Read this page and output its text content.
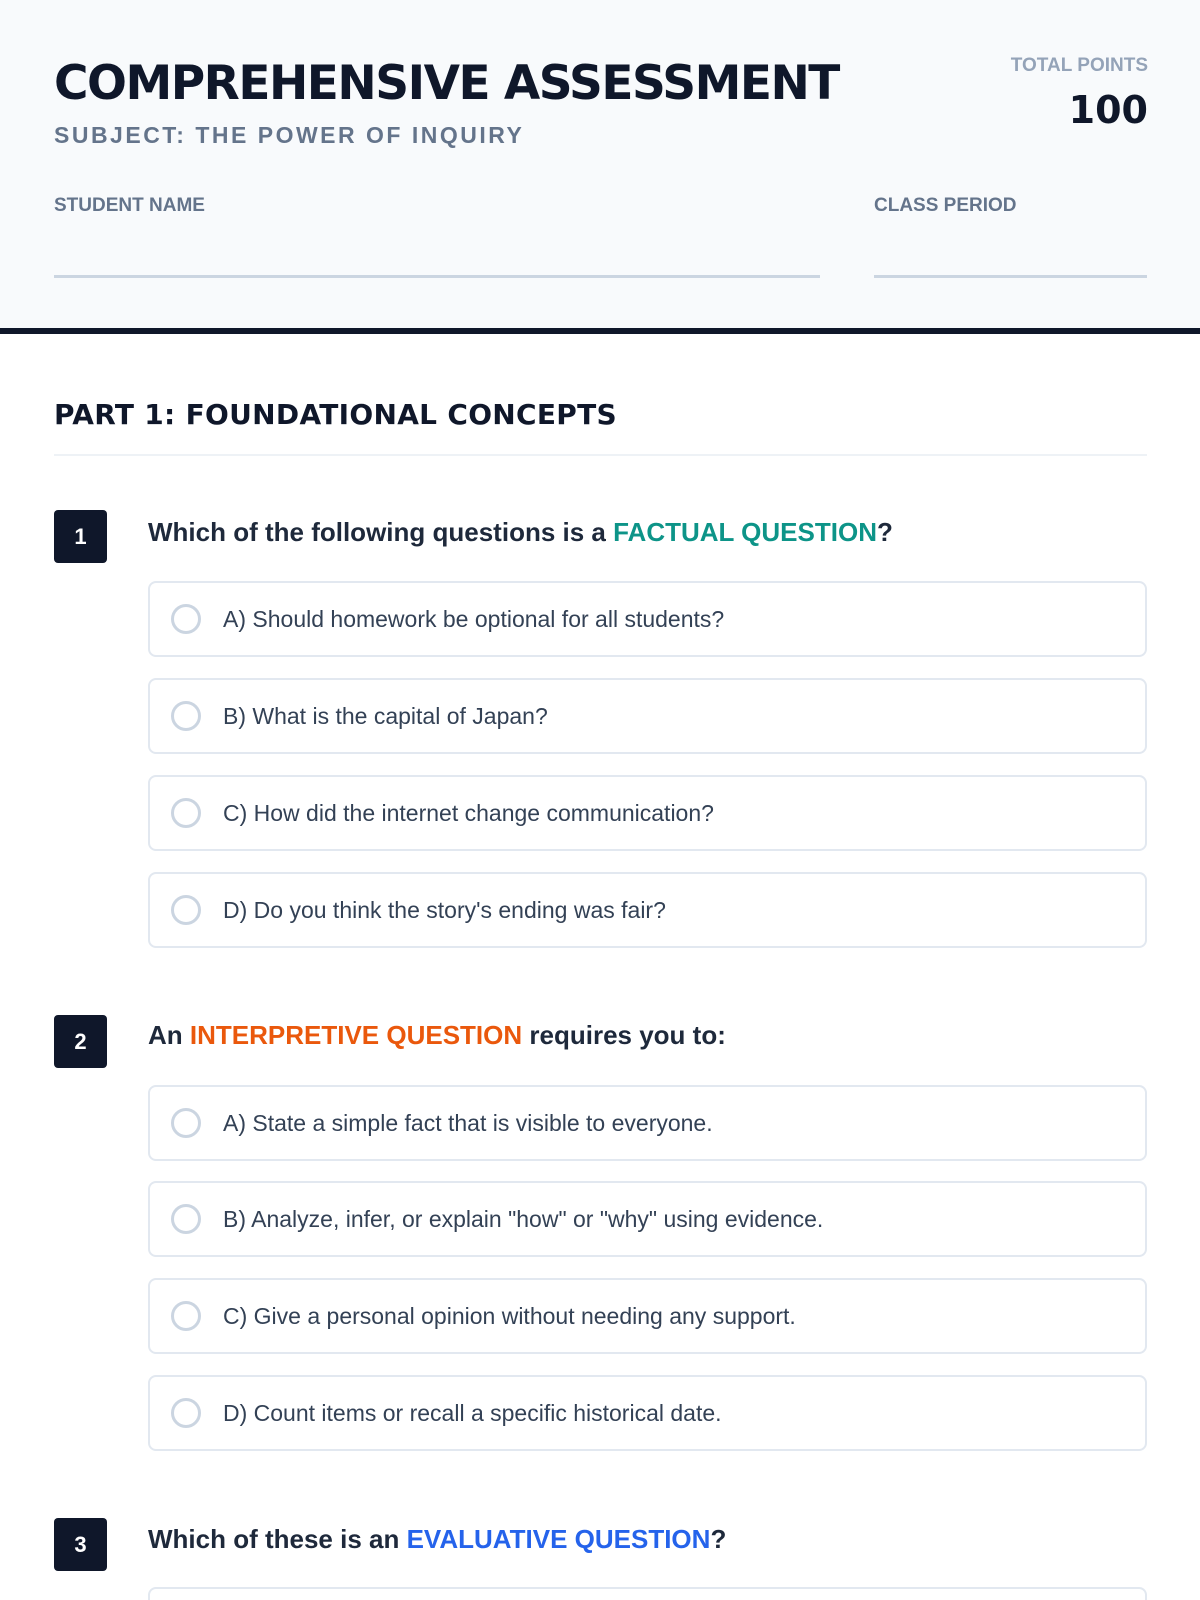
COMPREHENSIVE ASSESSMENT
SUBJECT: THE POWER OF INQUIRY
TOTAL POINTS
100
STUDENT NAME	CLASS PERIOD
PART 1: FOUNDATIONAL CONCEPTS
1	Which of the following questions is a FACTUAL QUESTION?
A) Should homework be optional for all students?
B) What is the capital of Japan?
C) How did the internet change communication?
D) Do you think the story's ending was fair?
2	An INTERPRETIVE QUESTION requires you to:
A) State a simple fact that is visible to everyone.
B) Analyze, infer, or explain "how" or "why" using evidence.
C) Give a personal opinion without needing any support.
D) Count items or recall a specific historical date.
3	Which of these is an EVALUATIVE QUESTION?
